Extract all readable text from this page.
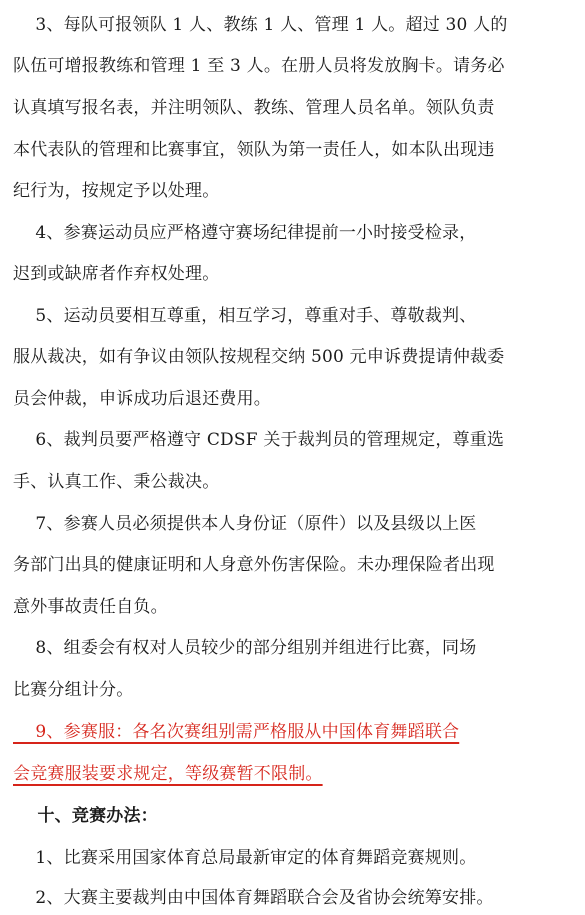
3、每队可报领队 1 人、教练 1 人、管理 1 人。超过 30 人的
队伍可增报教练和管理 1 至 3 人。在册人员将发放胸卡。请务必
认真填写报名表，并注明领队、教练、管理人员名单。领队负责
本代表队的管理和比赛事宜，领队为第一责任人，如本队出现违
纪行为，按规定予以处理。
4、参赛运动员应严格遵守赛场纪律提前一小时接受检录，
迟到或缺席者作弃权处理。
5、运动员要相互尊重，相互学习，尊重对手、尊敬裁判、
服从裁决，如有争议由领队按规程交纳 500 元申诉费提请仲裁委
员会仲裁，申诉成功后退还费用。
6、裁判员要严格遵守 CDSF 关于裁判员的管理规定，尊重选
手、认真工作、秉公裁决。
7、参赛人员必须提供本人身份证（原件）以及县级以上医
务部门出具的健康证明和人身意外伤害保险。未办理保险者出现
意外事故责任自负。
8、组委会有权对人员较少的部分组别并组进行比赛，同场
比赛分组计分。
9、参赛服：各名次赛组别需严格服从中国体育舞蹈联合
会竞赛服装要求规定，等级赛暂不限制。
十、竞赛办法：
1、比赛采用国家体育总局最新审定的体育舞蹈竞赛规则。
2、大赛主要裁判由中国体育舞蹈联合会及省协会统筹安排。
